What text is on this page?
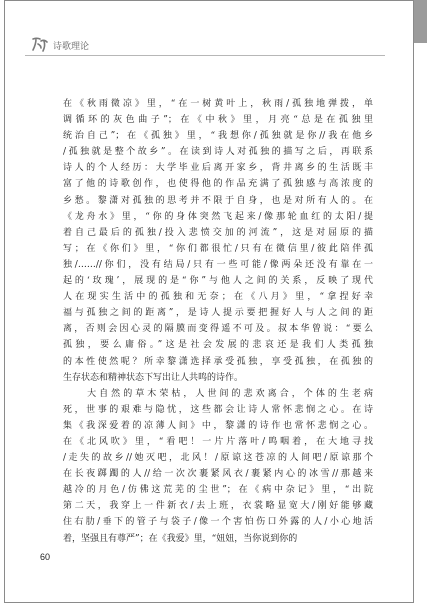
诗歌理论
在《秋雨微凉》里，“在一树黄叶上，秋雨/孤独地弹拨，单
调循环的灰色曲子”；在《中秋》里，月亮“总是在孤独里
统治自己”；在《孤独》里，“我想你/孤独就是你//我在他乡
/孤独就是整个故乡”。在读到诗人对孤独的描写之后，再联系
诗人的个人经历：大学毕业后离开家乡，背井离乡的生活既丰
富了他的诗歌创作，也使得他的作品充满了孤独感与高浓度的
乡愁。黎潇对孤独的思考并不限于自身，也是对所有人的。在
《龙舟水》里，“你的身体突然飞起来/像那轮血红的太阳/提
着自己最后的孤独/投入悲愤交加的河流”，这是对屈原的描
写；在《你们》里，“你们都很忙/只有在微信里/彼此陪伴孤
独/……//你们，没有结局/只有一些可能/像两朵还没有靠在一
起的‘玫瑰’，展现的是“你”与他人之间的关系，反映了现代
人在现实生活中的孤独和无奈；在《八月》里，“拿捏好幸
福与孤独之间的距离”，是诗人提示要把握好人与人之间的距
离，否则会因心灵的隔膜而变得遥不可及。叔本华曾说：“要么
孤独，要么庸俗。”这是社会发展的悲哀还是我们人类孤独
的本性使然呢？所幸黎潇选择承受孤独，享受孤独，在孤独的
生存状态和精神状态下写出让人共鸣的诗作。
　　大自然的草木荣枯，人世间的悲欢离合，个体的生老病
死，世事的艰难与隐忧，这些都会让诗人常怀悲悯之心。在诗
集《我深爱着的凉薄人间》中，黎潇的诗作也常怀悲悯之心。
在《北风吹》里，“看吧！一片片落叶/鸣咽着，在大地寻找
/走失的故乡//她灭吧，北风！/原谅这苍凉的人间吧/原谅那个
在长夜踯躅的人//给一次次裹紧风衣/裹紧内心的冰雪//那越来
越冷的月色/仿佛这荒芜的尘世”；在《病中杂记》里，“出院
第二天，我穿上一件新衣/去上班，衣裳略显宽大/刚好能够藏
住右肋/垂下的管子与袋子/像一个害怕伤口外露的人/小心地活
着，坚强且有尊严”；在《我爱》里，“妞妞，当你说到你的
60
